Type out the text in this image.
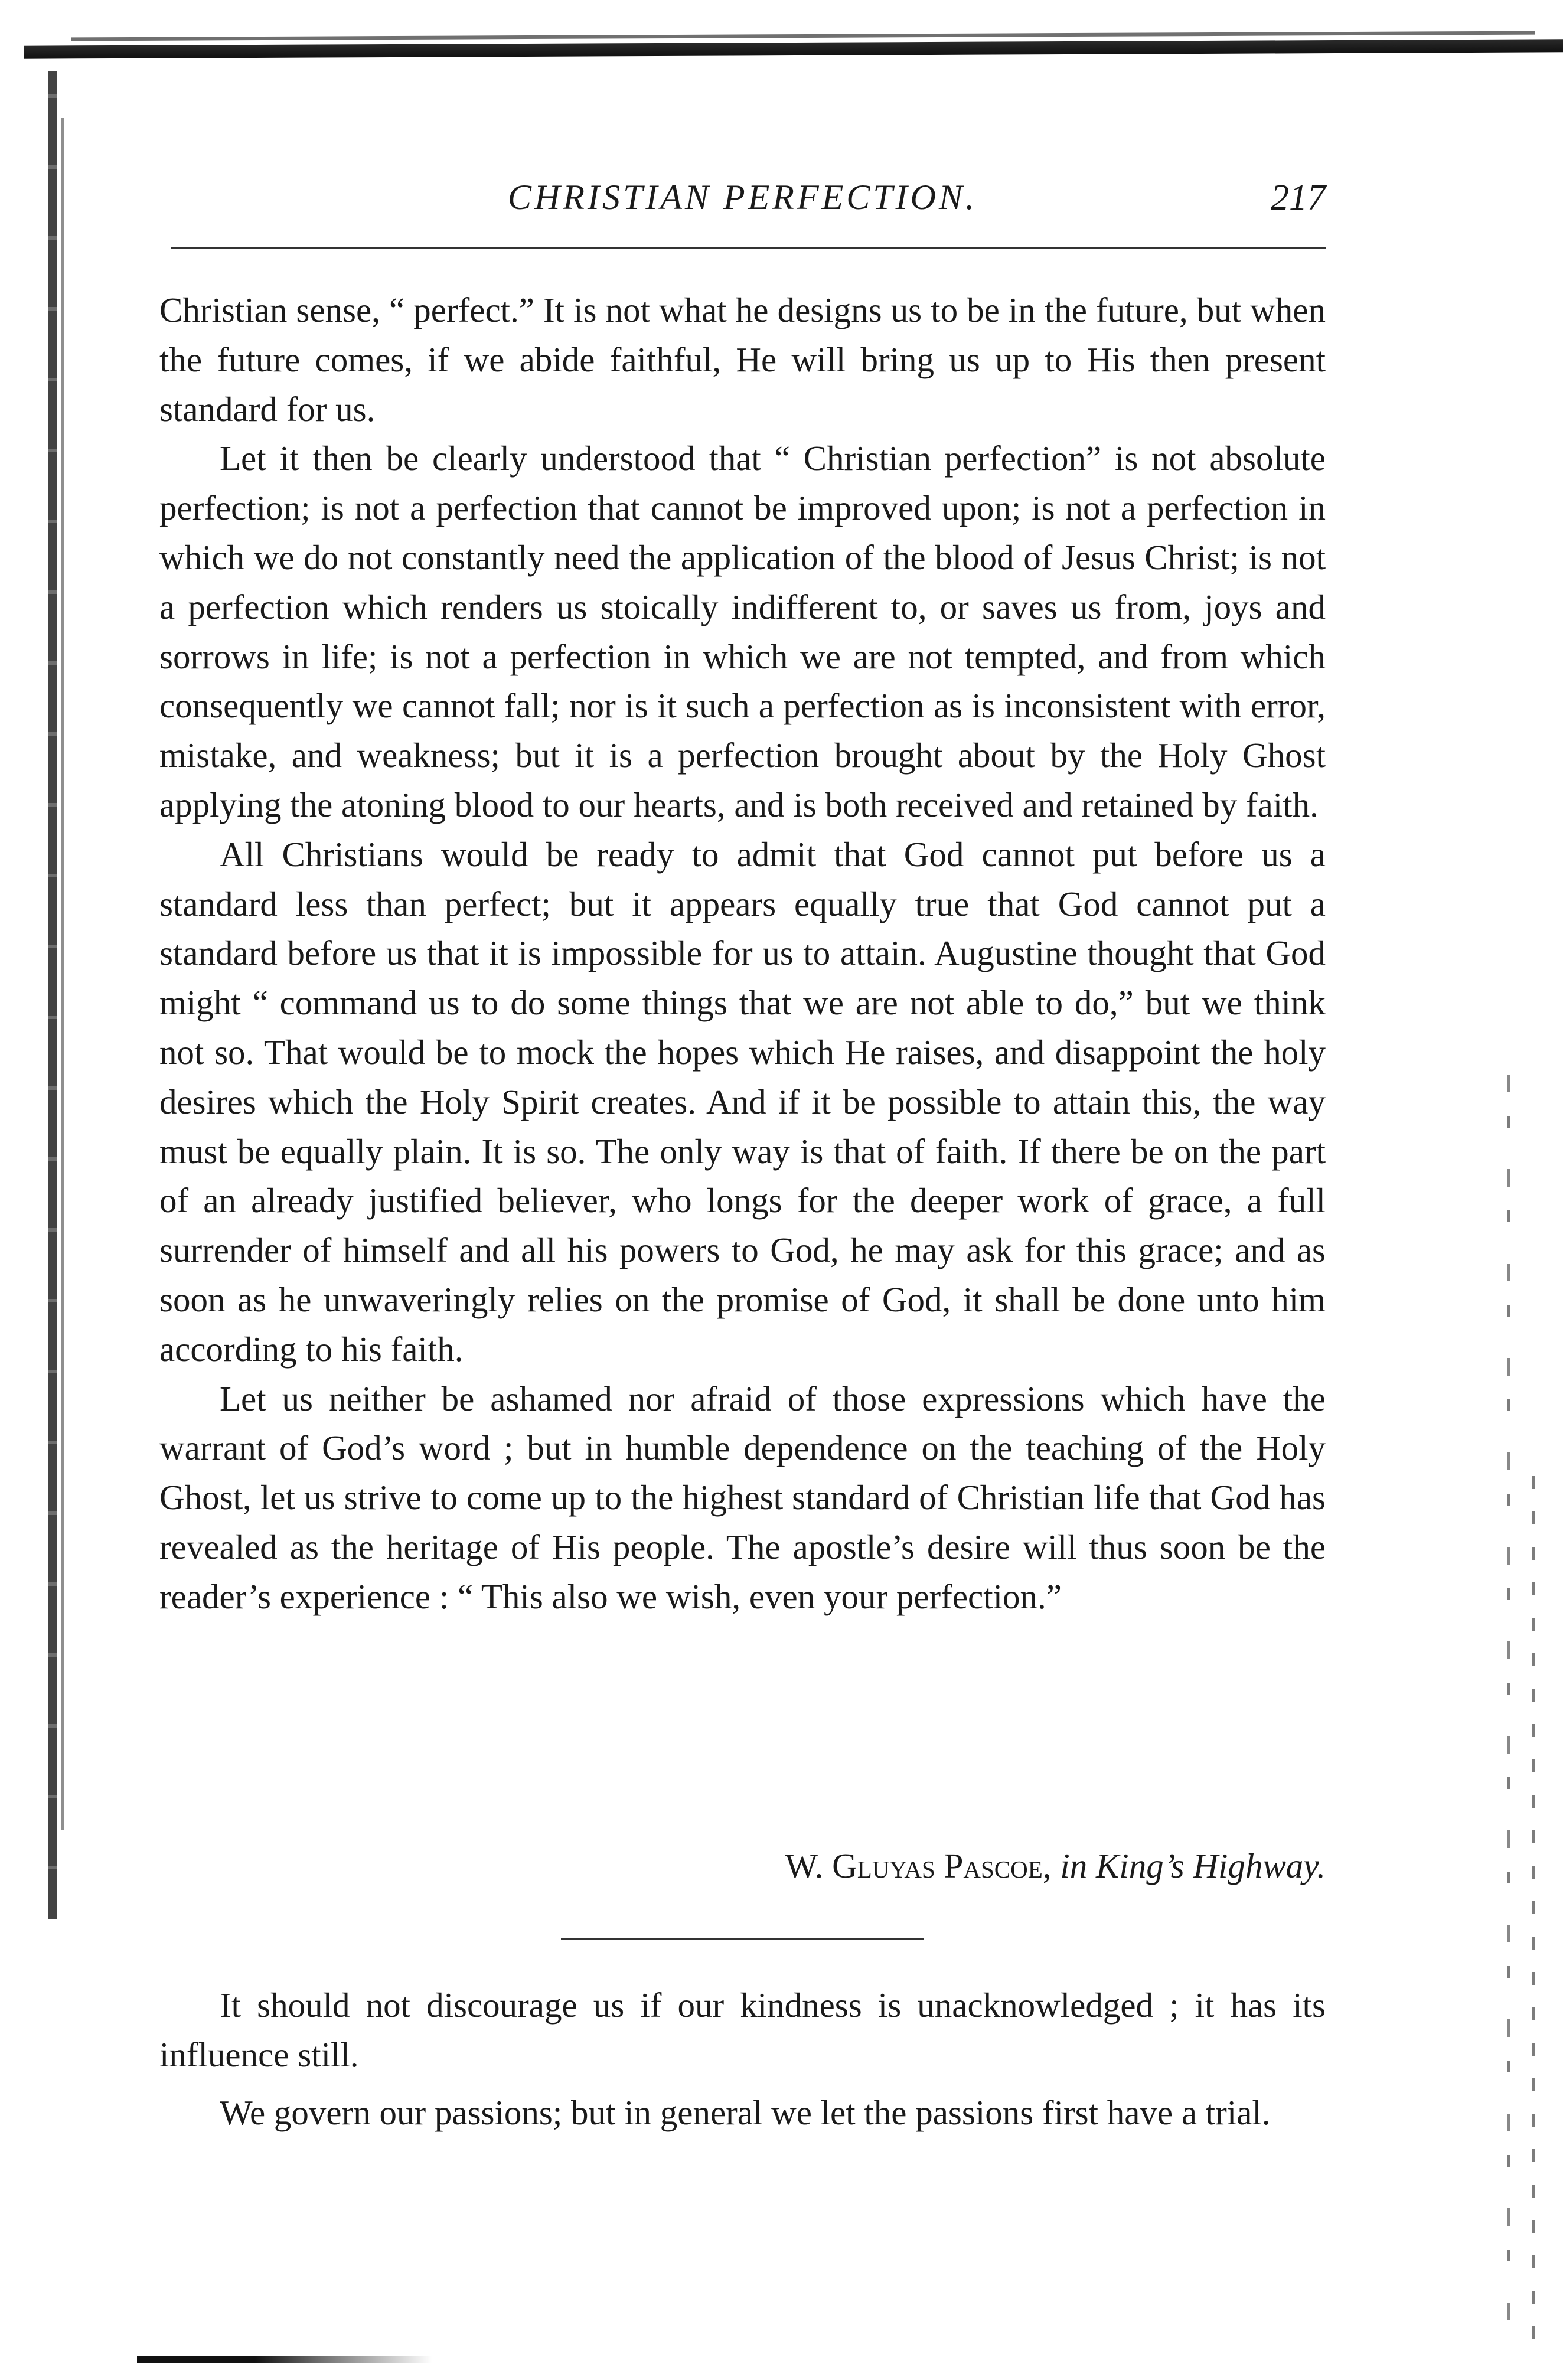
CHRISTIAN PERFECTION.	217

Christian sense, “ perfect.” It is not what he designs us to be in the future, but when the future comes, if we abide faithful, He will bring us up to His then present standard for us.

Let it then be clearly understood that “ Christian perfection” is not absolute perfection; is not a perfection that cannot be improved upon; is not a perfection in which we do not constantly need the application of the blood of Jesus Christ; is not a perfection which renders us stoically indifferent to, or saves us from, joys and sorrows in life; is not a perfection in which we are not tempted, and from which consequently we cannot fall; nor is it such a perfection as is inconsistent with error, mistake, and weakness; but it is a perfection brought about by the Holy Ghost applying the atoning blood to our hearts, and is both received and retained by faith.

All Christians would be ready to admit that God cannot put before us a standard less than perfect; but it appears equally true that God cannot put a standard before us that it is impossible for us to attain. Augustine thought that God might “ command us to do some things that we are not able to do,” but we think not so. That would be to mock the hopes which He raises, and disappoint the holy desires which the Holy Spirit creates. And if it be possible to attain this, the way must be equally plain. It is so. The only way is that of faith. If there be on the part of an already justified believer, who longs for the deeper work of grace, a full surrender of himself and all his powers to God, he may ask for this grace; and as soon as he unwaveringly relies on the promise of God, it shall be done unto him according to his faith.

Let us neither be ashamed nor afraid of those expressions which have the warrant of God’s word ; but in humble dependence on the teaching of the Holy Ghost, let us strive to come up to the highest standard of Christian life that God has revealed as the heritage of His people. The apostle’s desire will thus soon be the reader’s experience : “ This also we wish, even your perfection.”

W. Gluyas Pascoe, in King’s Highway.

It should not discourage us if our kindness is unacknowledged ; it has its influence still.

We govern our passions; but in general we let the passions first have a trial.
